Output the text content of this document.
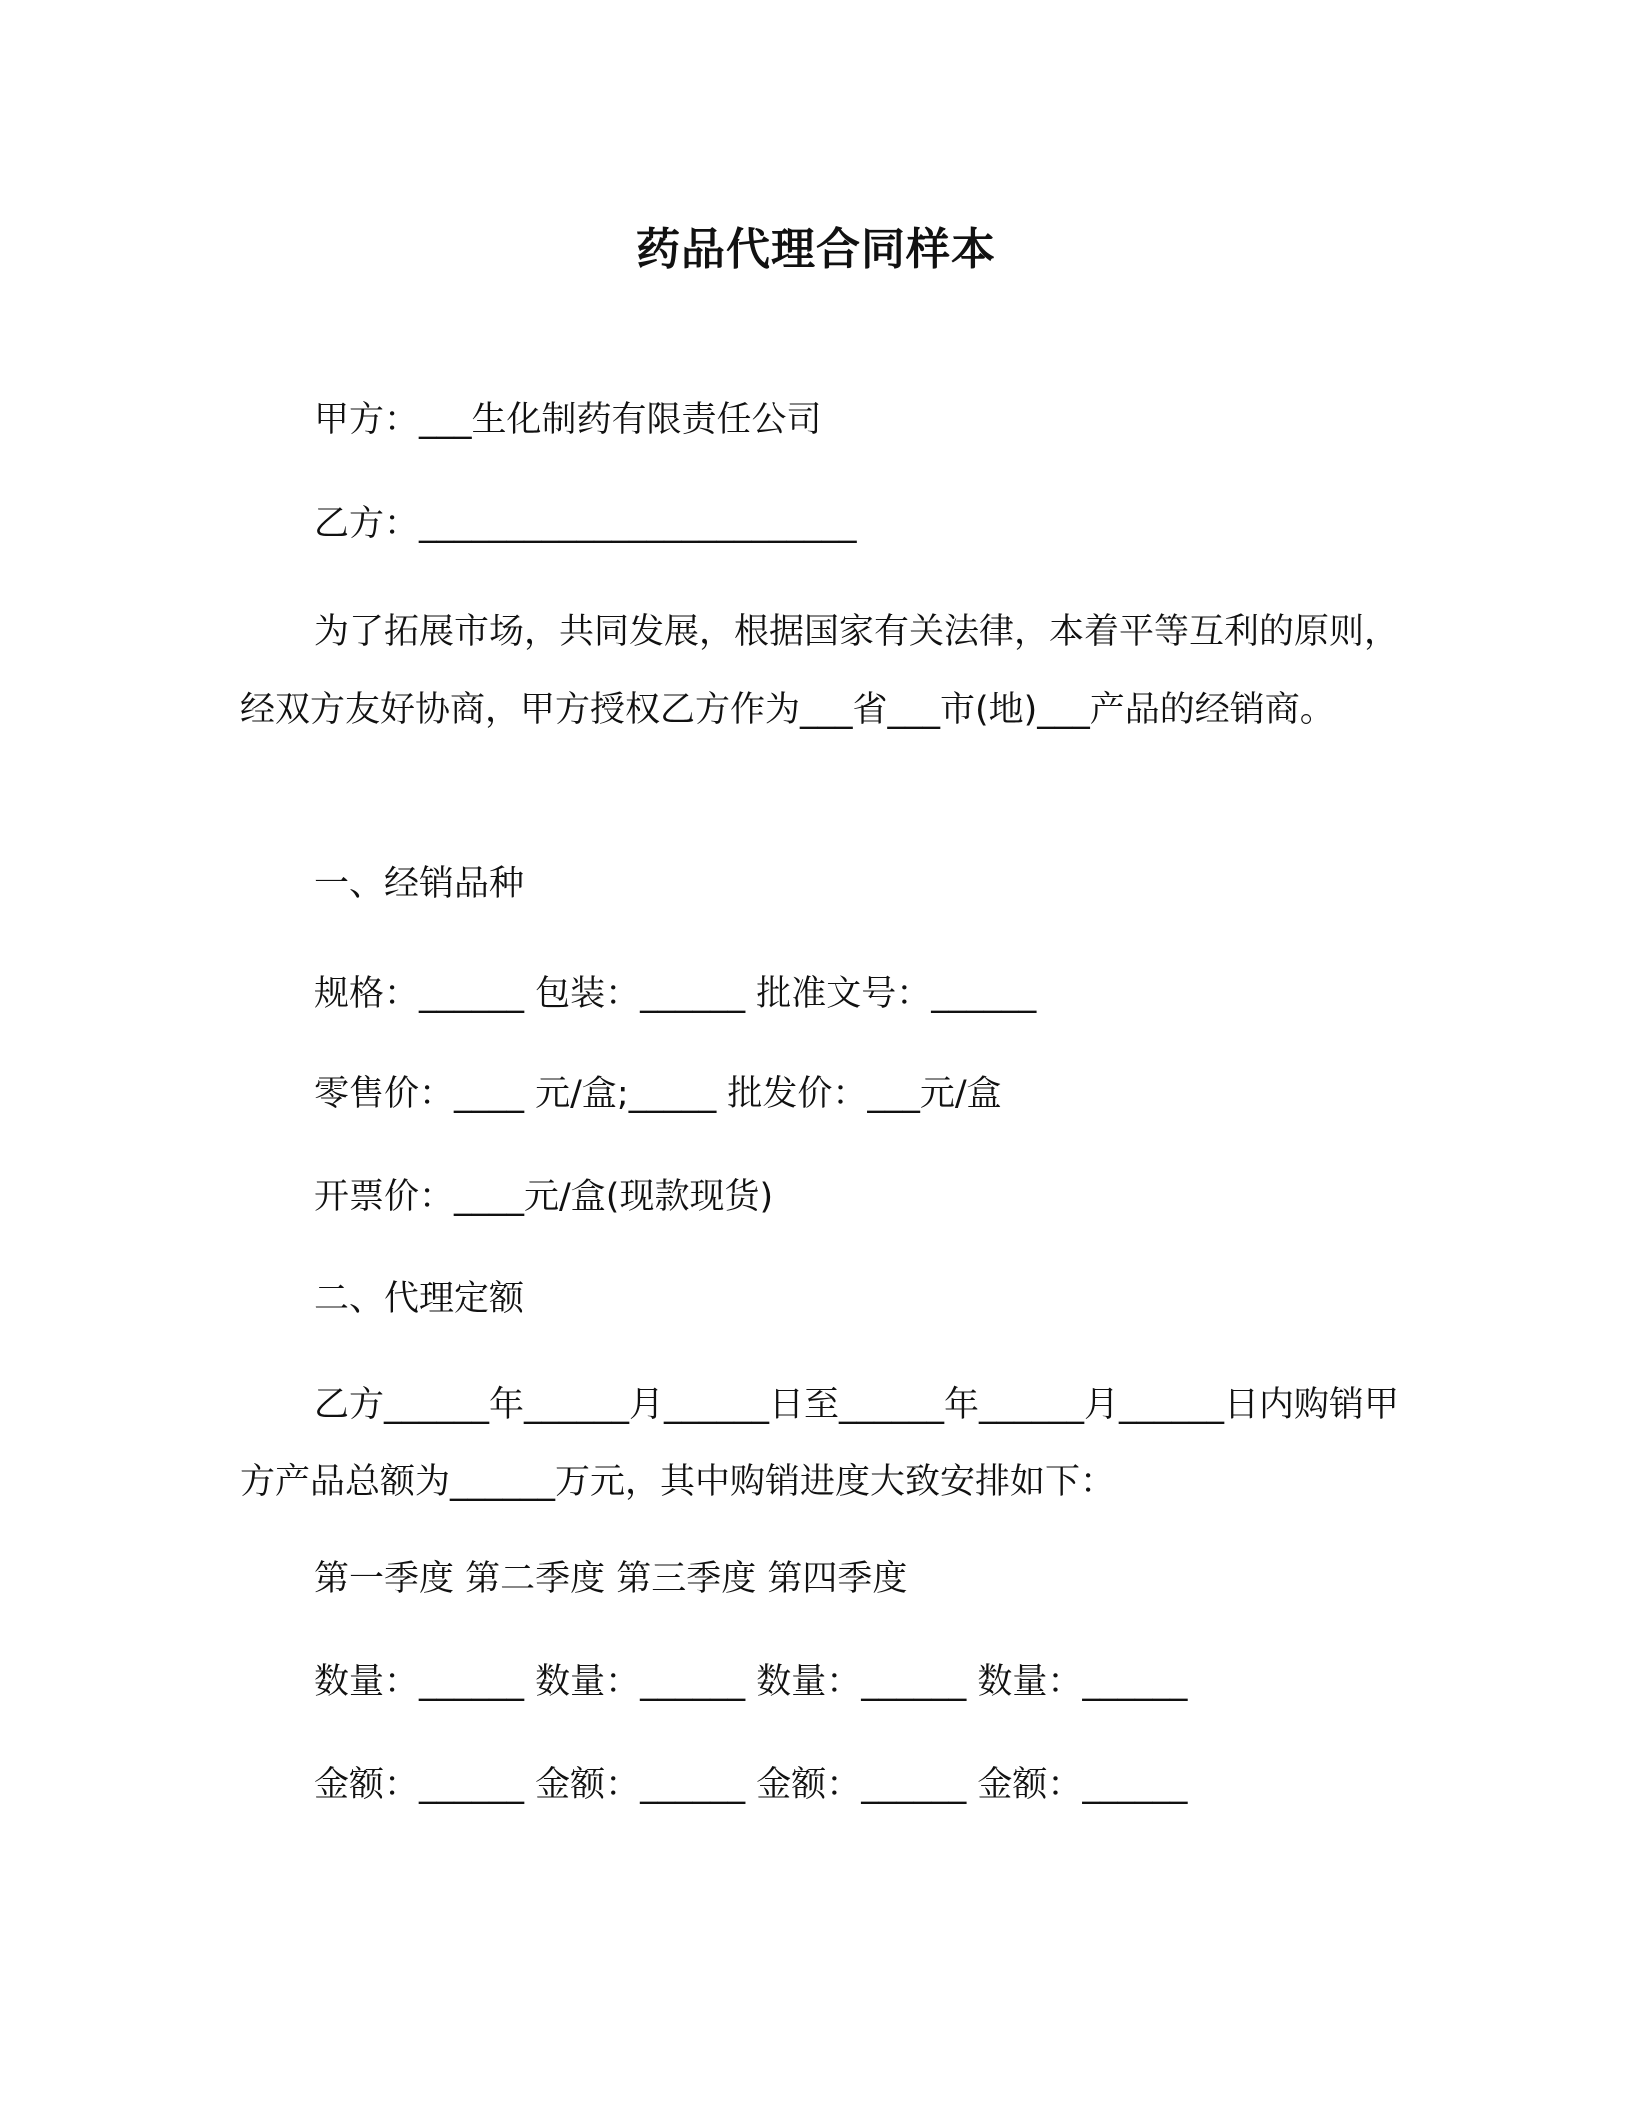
药品代理合同样本
甲方：___生化制药有限责任公司
乙方：_________________________
为了拓展市场，共同发展，根据国家有关法律，本着平等互利的原则，经双方友好协商，甲方授权乙方作为___省___市(地)___产品的经销商。
一、经销品种
规格：______ 包装：______ 批准文号：______
零售价：____ 元/盒;_____ 批发价：___元/盒
开票价：____元/盒(现款现货)
二、代理定额
乙方______年______月______日至______年______月______日内购销甲方产品总额为______万元，其中购销进度大致安排如下：
第一季度 第二季度 第三季度 第四季度
数量：______ 数量：______ 数量：______ 数量：______
金额：______ 金额：______ 金额：______ 金额：______
